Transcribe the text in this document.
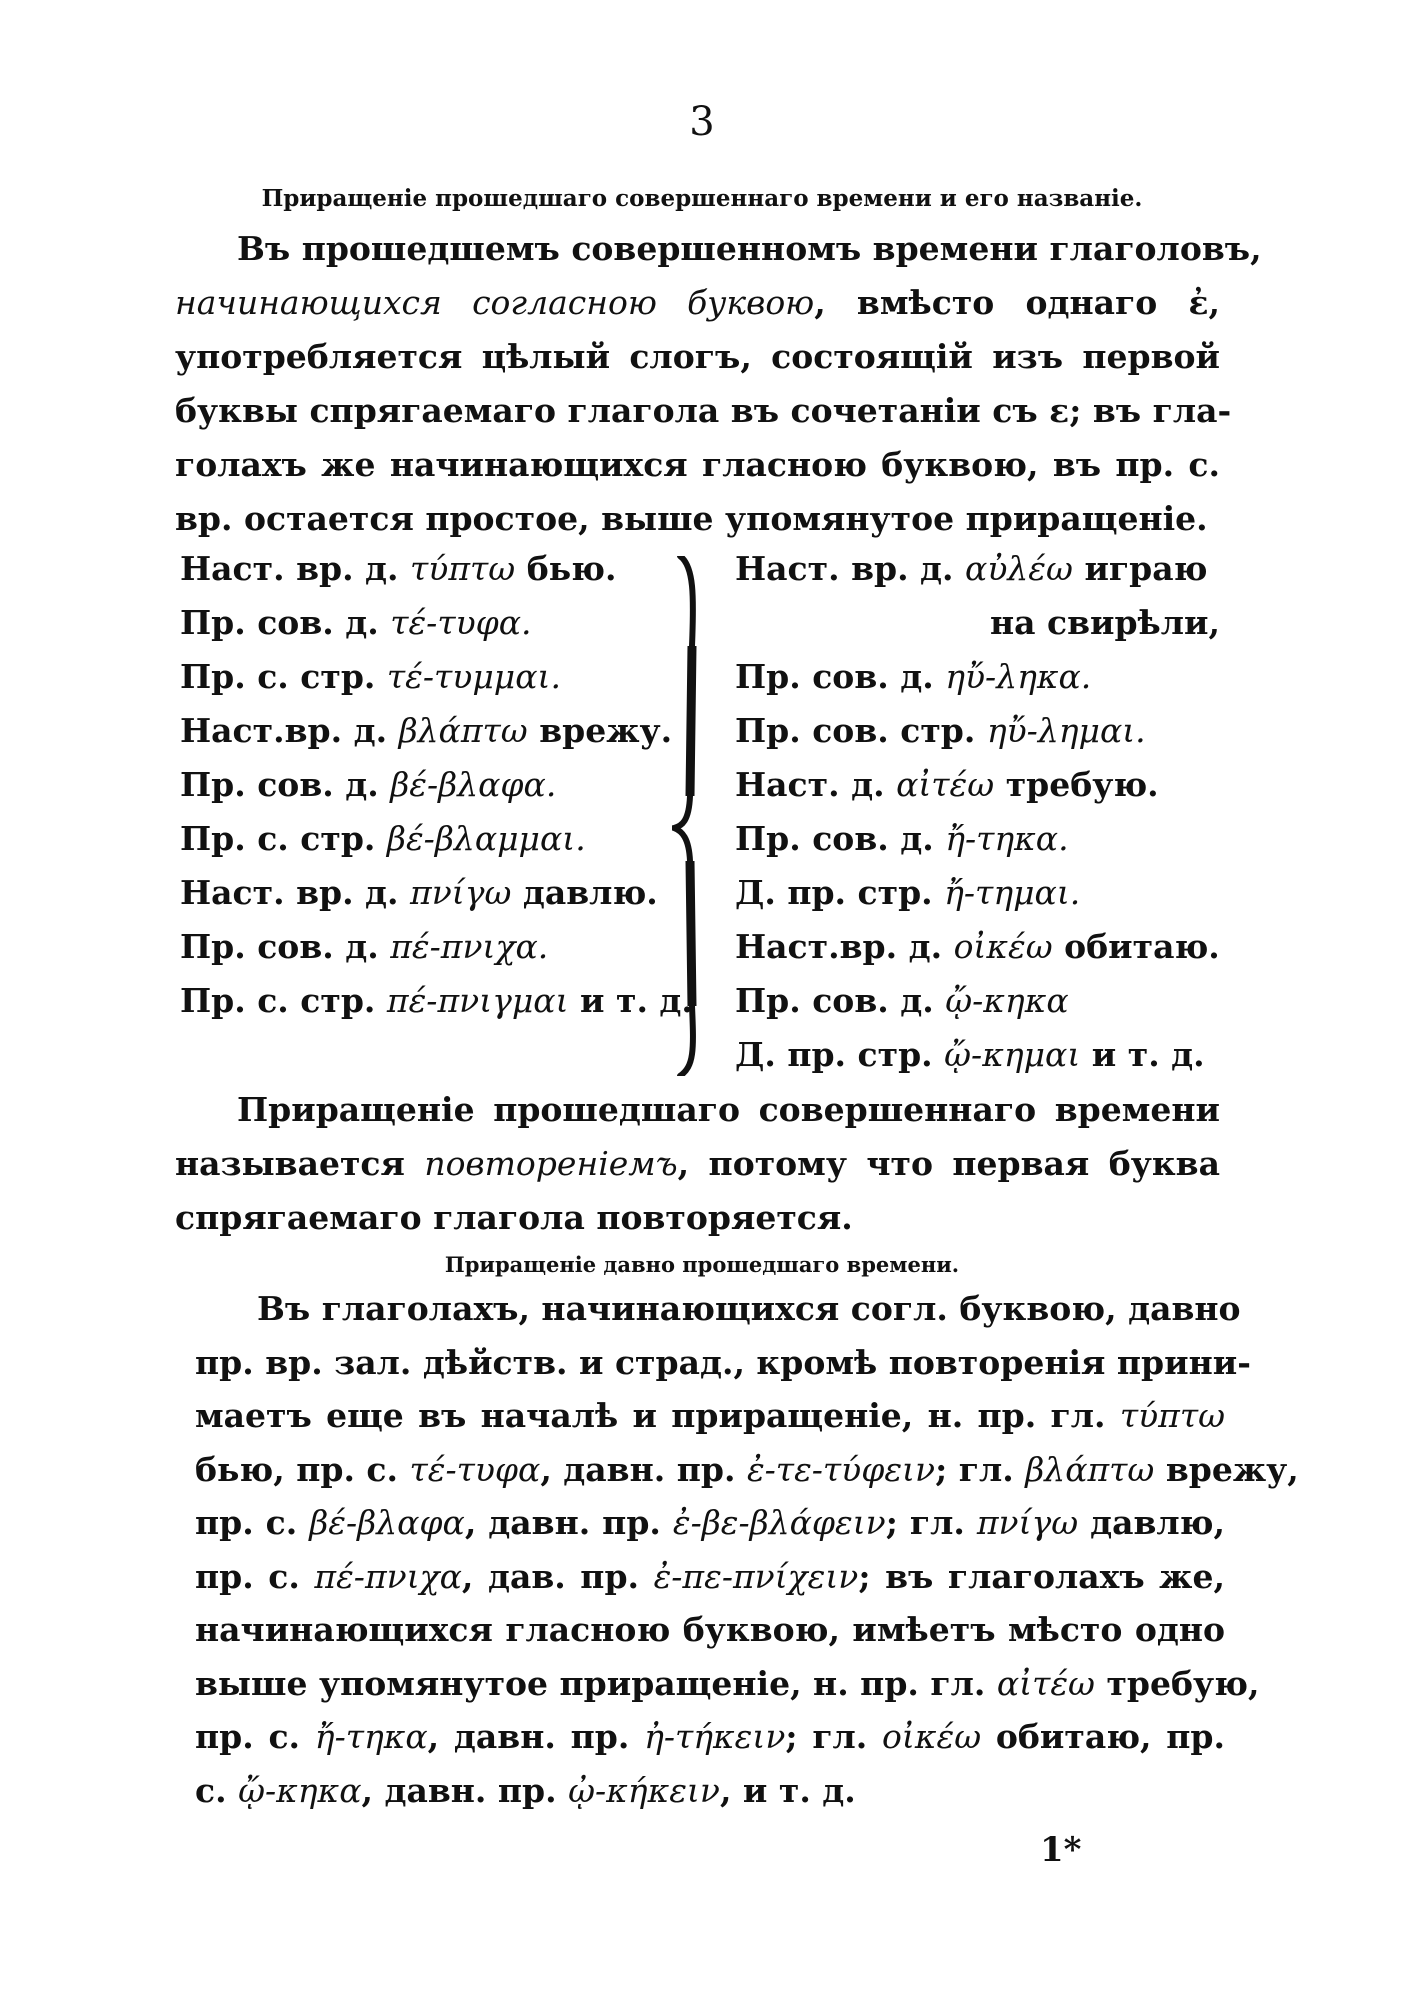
3
Приращеніе прошедшаго совершеннаго времени и его названіе.
Въ прошедшемъ совершенномъ времени глаголовъ,
начинающихся согласною буквою, вмѣсто однаго ἐ,
употребляется цѣлый слогъ, состоящій изъ первой
буквы спрягаемаго глагола въ сочетаніи съ ε; въ гла-
голахъ же начинающихся гласною буквою, въ пр. с.
вр. остается простое, выше упомянутое приращеніе.
Наст. вр. д. τύπτω бью.
Пр. сов. д. τέ-τυφα.
Пр. с. стр. τέ-τυμμαι.
Наст.вр. д. βλάπτω врежу.
Пр. сов. д. βέ-βλαφα.
Пр. с. стр. βέ-βλαμμαι.
Наст. вр. д. πνίγω давлю.
Пр. сов. д. πέ-πνιχα.
Пр. с. стр. πέ-πνιγμαι и т. д.
Наст. вр. д. αὐλέω играю
на свирѣли,
Пр. сов. д. ηὔ-ληκα.
Пр. сов. стр. ηὔ-λημαι.
Наст. д. αἰτέω требую.
Пр. сов. д. ἤ-τηκα.
Д. пр. стр. ἤ-τημαι.
Наст.вр. д. οἰκέω обитаю.
Пр. сов. д. ᾤ-κηκα
Д. пр. стр. ᾤ-κημαι и т. д.
Приращеніе прошедшаго совершеннаго времени
называется повтореніемъ, потому что первая буква
спрягаемаго глагола повторяется.
Приращеніе давно прошедшаго времени.
Въ глаголахъ, начинающихся согл. буквою, давно
пр. вр. зал. дѣйств. и страд., кромѣ повторенія прини-
маетъ еще въ началѣ и приращеніе, н. пр. гл. τύπτω
бью, пр. с. τέ-τυφα, давн. пр. ἐ-τε-τύφειν; гл. βλάπτω врежу,
пр. с. βέ-βλαφα, давн. пр. ἐ-βε-βλάφειν; гл. πνίγω давлю,
пр. с. πέ-πνιχα, дав. пр. ἐ-πε-πνίχειν; въ глаголахъ же,
начинающихся гласною буквою, имѣетъ мѣсто одно
выше упомянутое приращеніе, н. пр. гл. αἰτέω требую,
пр. с. ἤ-τηκα, давн. пр. ἠ-τήκειν; гл. οἰκέω обитаю, пр.
с. ᾤ-κηκα, давн. пр. ᾠ-κήκειν, и т. д.
1*
